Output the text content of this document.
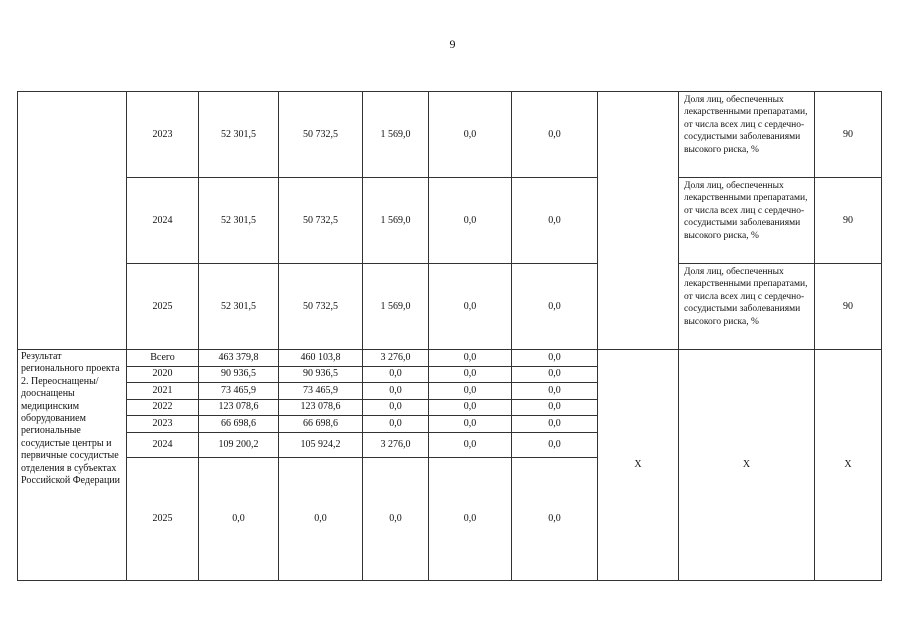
9
	2023	52 301,5	50 732,5	1 569,0	0,0	0,0		Доля лиц, обеспеченных лекарственными препаратами, от числа всех лиц с сердечно-сосудистыми заболеваниями высокого риска, %	90
	2024	52 301,5	50 732,5	1 569,0	0,0	0,0		Доля лиц, обеспеченных лекарственными препаратами, от числа всех лиц с сердечно-сосудистыми заболеваниями высокого риска, %	90
	2025	52 301,5	50 732,5	1 569,0	0,0	0,0		Доля лиц, обеспеченных лекарственными препаратами, от числа всех лиц с сердечно-сосудистыми заболеваниями высокого риска, %	90
Результат регионального проекта 2. Переоснащены/ дооснащены медицинским оборудованием региональные сосудистые центры и первичные сосудистые отделения в субъектах Российской Федерации	Всего	463 379,8	460 103,8	3 276,0	0,0	0,0	Х	Х	Х
	2020	90 936,5	90 936,5	0,0	0,0	0,0			
	2021	73 465,9	73 465,9	0,0	0,0	0,0			
	2022	123 078,6	123 078,6	0,0	0,0	0,0			
	2023	66 698,6	66 698,6	0,0	0,0	0,0			
	2024	109 200,2	105 924,2	3 276,0	0,0	0,0			
	2025	0,0	0,0	0,0	0,0	0,0			
